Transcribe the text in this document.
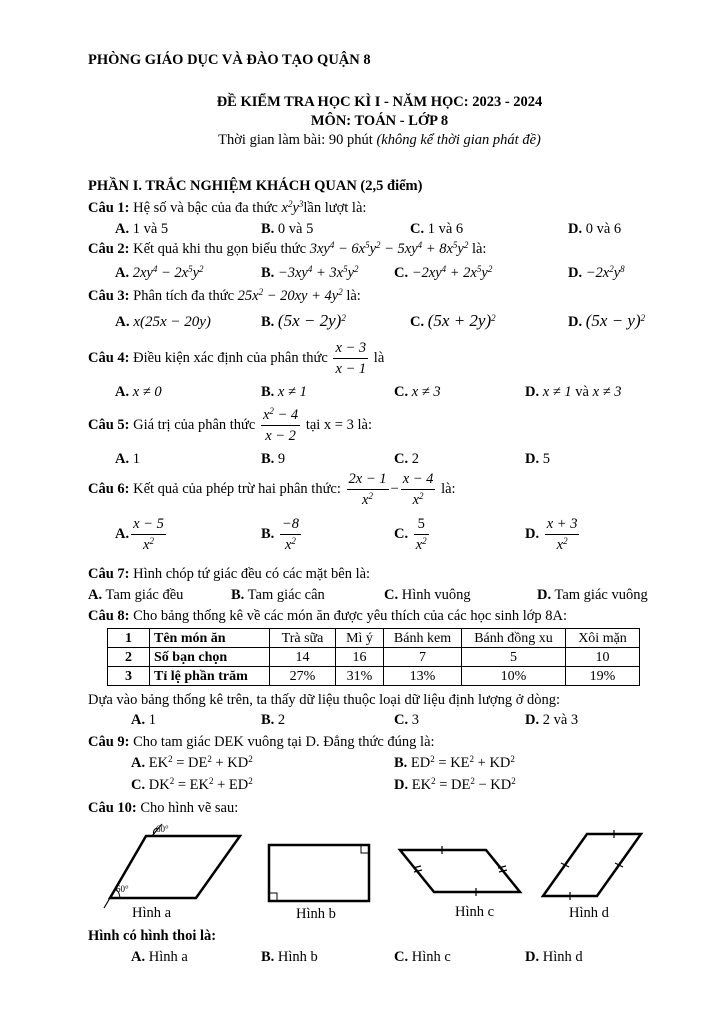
PHÒNG GIÁO DỤC VÀ ĐÀO TẠO QUẬN 8
ĐỀ KIỂM TRA HỌC KÌ I - NĂM HỌC: 2023 - 2024
MÔN: TOÁN - LỚP 8
Thời gian làm bài: 90 phút (không kể thời gian phát đề)
PHẦN I. TRẮC NGHIỆM KHÁCH QUAN (2,5 điểm)
Câu 1: Hệ số và bậc của đa thức $x^2y^3lần$ lượt là:
A. 1 và 5	B. 0 và 5	C. 1 và 6	D. 0 và 6
Câu 2: Kết quả khi thu gọn biểu thức $3xy^4 - 6x^5y^2 - 5xy^4 + 8x^5y^2$ là:
A. $2xy^4 - 2x^5y^2$	B. $-3xy^4 + 3x^5y^2$ C. $-2xy^4 + 2x^5y^2$	D. $-2x^2y^8$
Câu 3: Phân tích đa thức $25x^2 - 20xy + 4y^2$ là:
A. x(25x − 20y)	B. $(5x - 2y)^2$	C. $(5x + 2y)^2$	D. $(5x - y)^2$
Câu 4: Điều kiện xác định của phân thức $\frac{x - 3}{x - 1}$ là
A. x ≠ 0	B. x ≠ 1	C. x ≠ 3	D. x ≠ 1 và x ≠ 3
Câu 5: Giá trị của phân thức $\frac{x^2 - 4}{x - 2}$ tại x = 3 là:
A. 1	B. 9	C. 2	D. 5
Câu 6: Kết quả của phép trừ hai phân thức: $\frac{2x - 1}{x^2} - \frac{x - 4}{x^2}$ là:
A. $\frac{x - 5}{x^2}$	B. $\frac{-8}{x^2}$	C. $\frac{5}{x^2}$	D. $\frac{x + 3}{x^2}$
Câu 7: Hình chóp tứ giác đều có các mặt bên là:
A. Tam giác đều	B. Tam giác cân	C. Hình vuông	D. Tam giác vuông
Câu 8: Cho bảng thống kê về các món ăn được yêu thích của các học sinh lớp 8A:
1	Tên món ăn	Trà sữa	Mì ý	Bánh kem	Bánh đồng xu	Xôi mặn
2	Số bạn chọn	14	16	7	5	10
3	Tỉ lệ phần trăm	27%	31%	13%	10%	19%
Dựa vào bảng thống kê trên, ta thấy dữ liệu thuộc loại dữ liệu định lượng ở dòng:
A. 1	B. 2	C. 3	D. 2 và 3
Câu 9: Cho tam giác DEK vuông tại D. Đẳng thức đúng là:
A. $EK^2 = DE^2 + KD^2$	B. $ED^2 = KE^2 + KD^2$
C. $DK^2 = EK^2 + ED^2$	D. $EK^2 = DE^2 - KD^2$
Câu 10: Cho hình vẽ sau:
60°
60°
Hình a	Hình b	Hình c	Hình d
Hình có hình thoi là:
A. Hình a	B. Hình b	C. Hình c	D. Hình d
